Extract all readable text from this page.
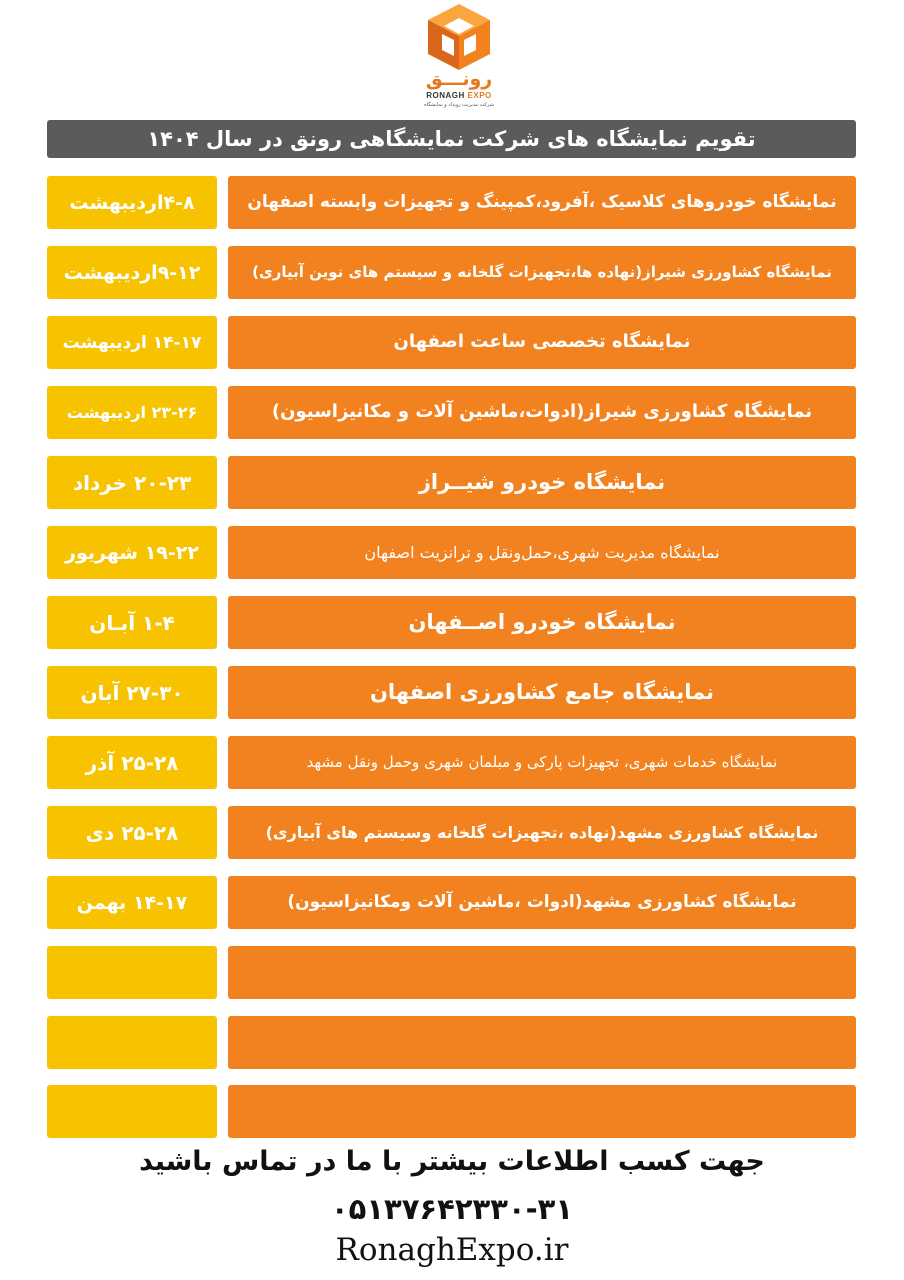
رونـــق
RONAGH EXPO
شرکت مدیریت رویداد و نمایشگاه
تقویم نمایشگاه های شرکت نمایشگاهی رونق در سال ۱۴۰۴
۴-۸اردیبهشت	نمایشگاه خودروهای کلاسیک ،آفرود،کمپینگ و تجهیزات وابسته اصفهان
۹-۱۲اردیبهشت	نمایشگاه کشاورزی شیراز(نهاده ها،تجهیزات گلخانه و سیستم های نوین آبیاری)
۱۴-۱۷ اردیبهشت	نمایشگاه تخصصی ساعت اصفهان
۲۳-۲۶ اردیبهشت	نمایشگاه کشاورزی شیراز(ادوات،ماشین آلات و مکانیزاسیون)
۲۰-۲۳ خرداد	نمایشگاه خودرو شیــراز
۱۹-۲۲ شهریور	نمایشگاه مدیریت شهری،حمل‌ونقل و ترانزیت اصفهان
۱-۴ آبـان	نمایشگاه خودرو اصــفهان
۲۷-۳۰ آبان	نمایشگاه جامع کشاورزی اصفهان
۲۵-۲۸ آذر	نمایشگاه خدمات شهری، تجهیزات پارکی و مبلمان شهری وحمل ونقل مشهد
۲۵-۲۸ دی	نمایشگاه کشاورزی مشهد(نهاده ،تجهیزات گلخانه وسیستم های آبیاری)
۱۴-۱۷ بهمن	نمایشگاه کشاورزی مشهد(ادوات ،ماشین آلات ومکانیزاسیون)
جهت کسب اطلاعات بیشتر با ما در تماس باشید
۰۵۱۳۷۶۴۲۳۳۰-۳۱
RonaghExpo.ir
